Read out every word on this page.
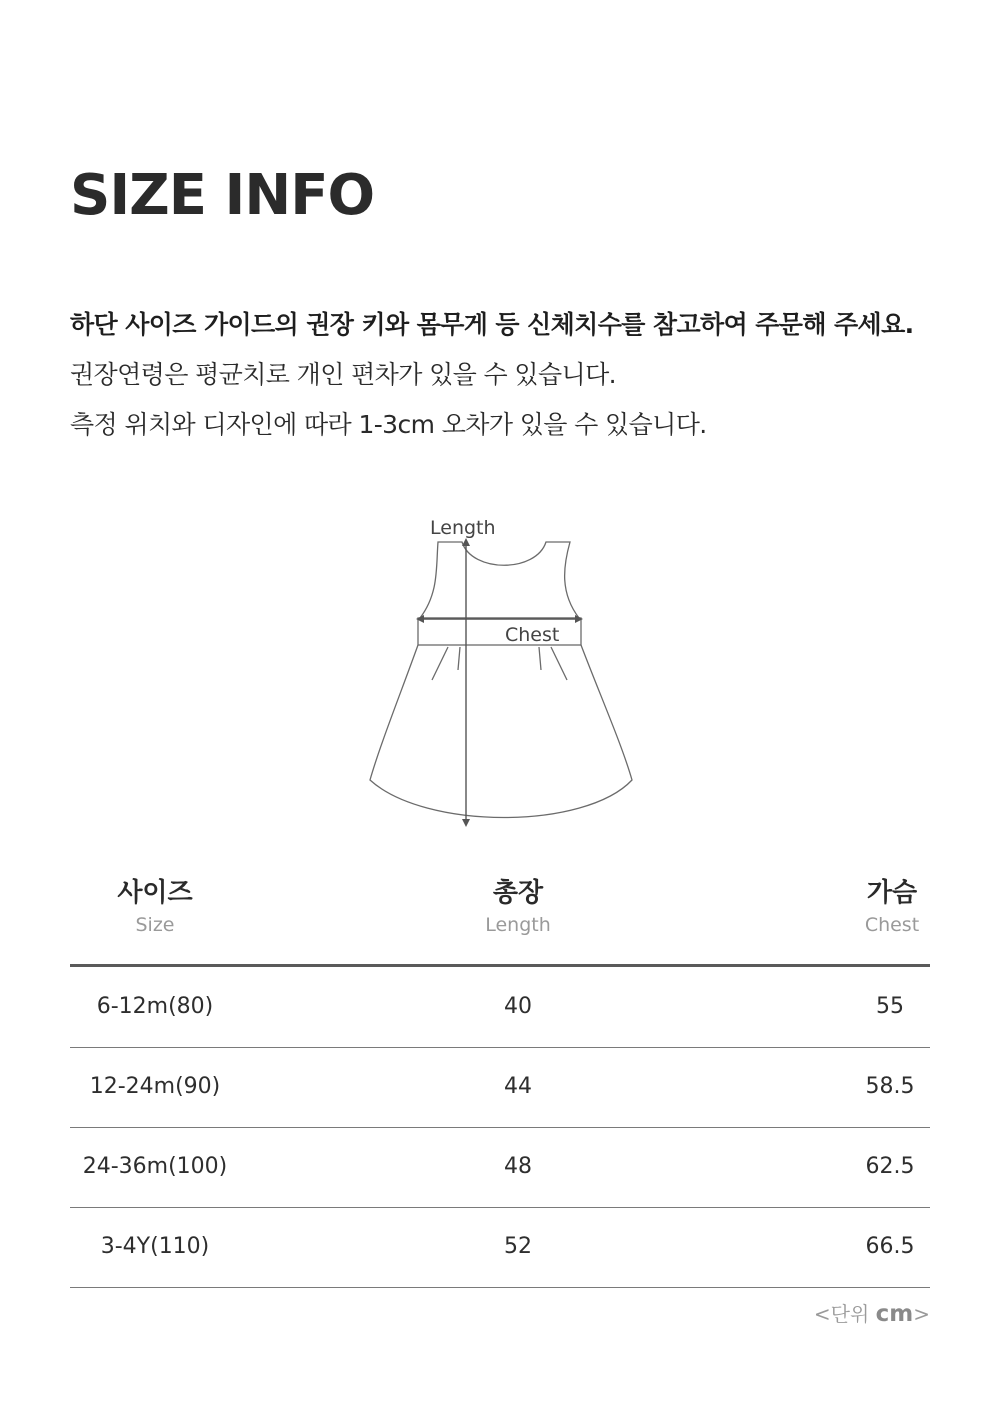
SIZE INFO
하단 사이즈 가이드의 권장 키와 몸무게 등 신체치수를 참고하여 주문해 주세요.
권장연령은 평균치로 개인 편차가 있을 수 있습니다.
측정 위치와 디자인에 따라 1-3cm 오차가 있을 수 있습니다.
Length
Chest
사이즈
Size
총장
Length
가슴
Chest
6-12m(80)	40	55
12-24m(90)	44	58.5
24-36m(100)	48	62.5
3-4Y(110)	52	66.5
<단위 cm>
